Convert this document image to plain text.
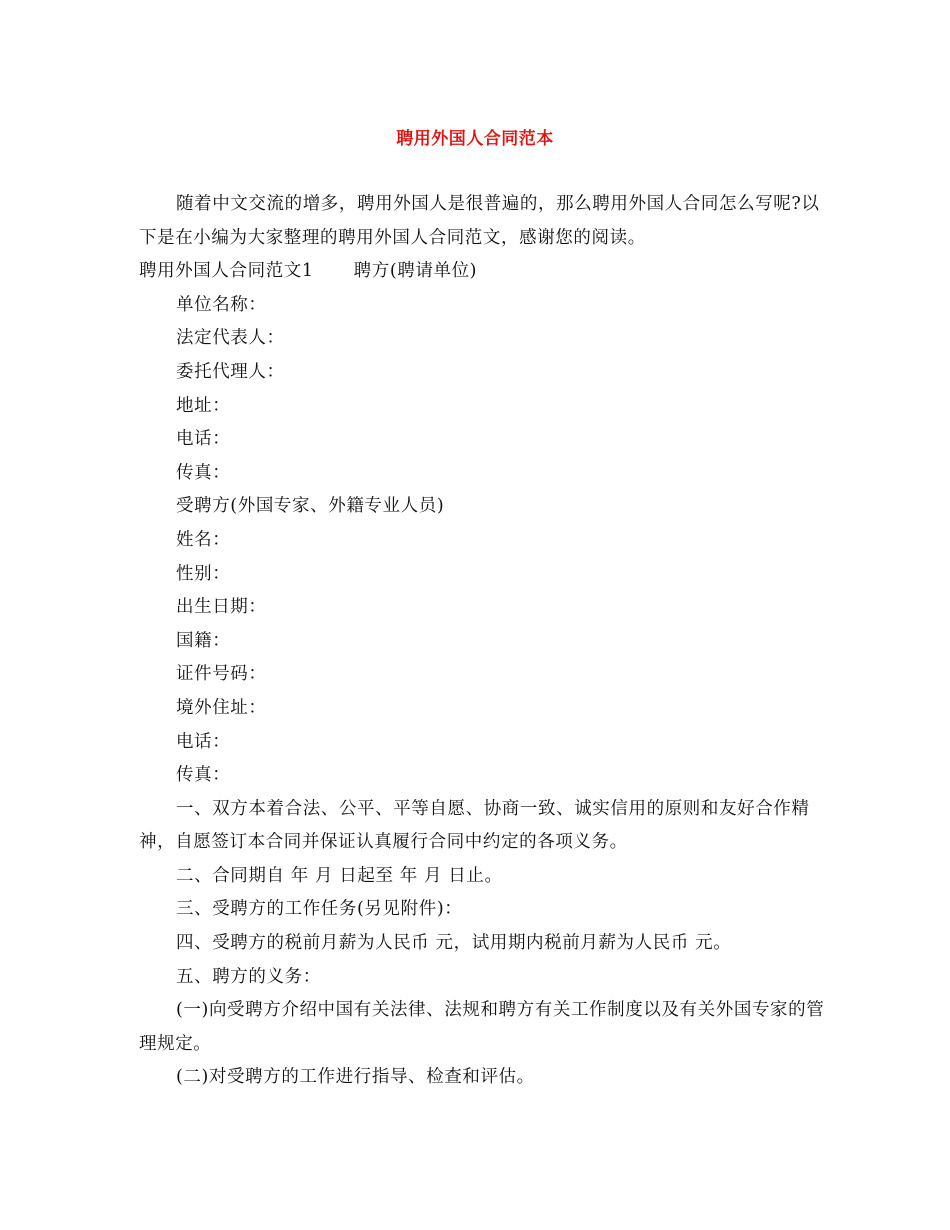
聘用外国人合同范本

随着中文交流的增多，聘用外国人是很普遍的，那么聘用外国人合同怎么写呢?以下是在小编为大家整理的聘用外国人合同范文，感谢您的阅读。

聘用外国人合同范文1 聘方(聘请单位)

单位名称：

法定代表人：

委托代理人：

地址：

电话：

传真：

受聘方(外国专家、外籍专业人员)

姓名：

性别：

出生日期：

国籍：

证件号码：

境外住址：

电话：

传真：

一、双方本着合法、公平、平等自愿、协商一致、诚实信用的原则和友好合作精神，自愿签订本合同并保证认真履行合同中约定的各项义务。

二、合同期自 年 月 日起至 年 月 日止。

三、受聘方的工作任务(另见附件)：

四、受聘方的税前月薪为人民币 元，试用期内税前月薪为人民币 元。

五、聘方的义务：

(一)向受聘方介绍中国有关法律、法规和聘方有关工作制度以及有关外国专家的管理规定。

(二)对受聘方的工作进行指导、检查和评估。
